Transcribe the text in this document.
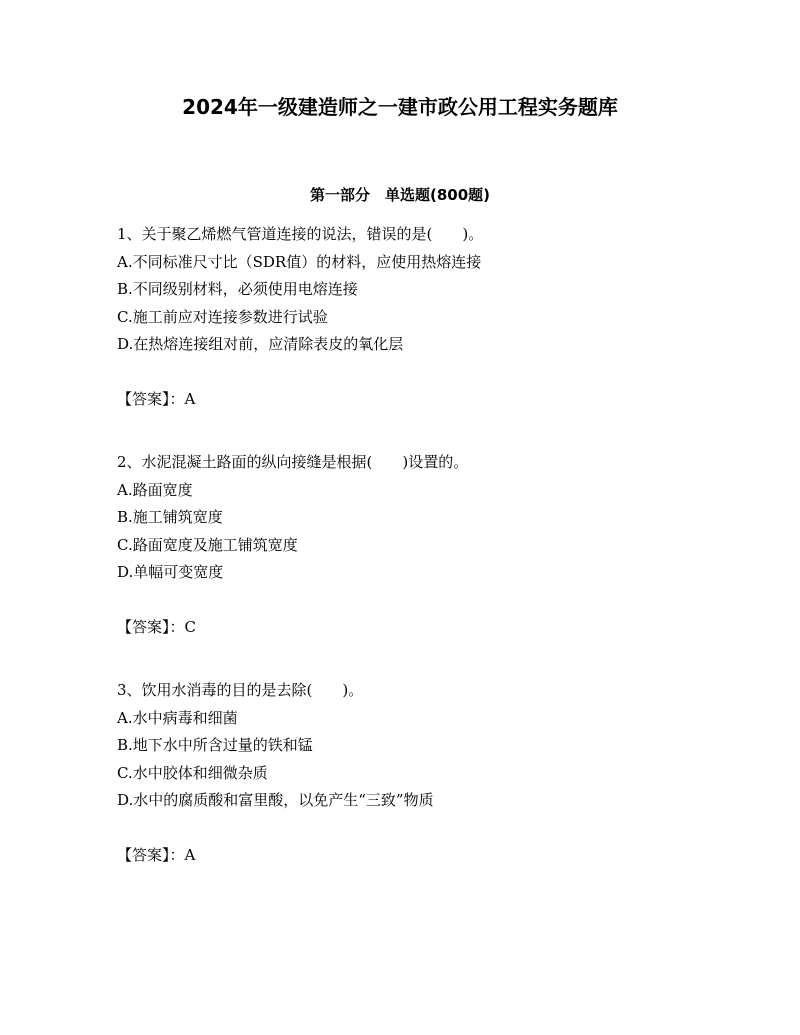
2024年一级建造师之一建市政公用工程实务题库
第一部分　单选题(800题)
1、关于聚乙烯燃气管道连接的说法，错误的是(　　)。
A.不同标准尺寸比（SDR值）的材料，应使用热熔连接
B.不同级别材料，必须使用电熔连接
C.施工前应对连接参数进行试验
D.在热熔连接组对前，应清除表皮的氧化层
【答案】：A
2、水泥混凝土路面的纵向接缝是根据(　　)设置的。
A.路面宽度
B.施工铺筑宽度
C.路面宽度及施工铺筑宽度
D.单幅可变宽度
【答案】：C
3、饮用水消毒的目的是去除(　　)。
A.水中病毒和细菌
B.地下水中所含过量的铁和锰
C.水中胶体和细微杂质
D.水中的腐质酸和富里酸，以免产生“三致”物质
【答案】：A
